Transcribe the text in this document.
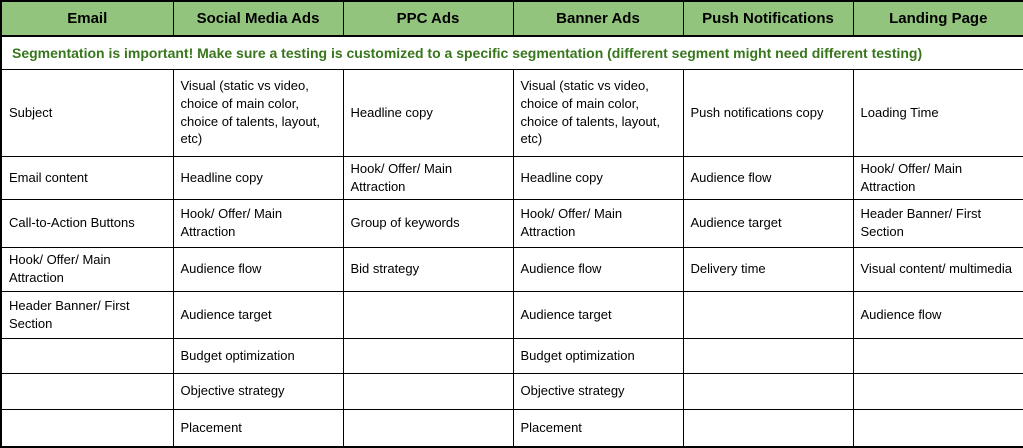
Email	Social Media Ads	PPC Ads	Banner Ads	Push Notifications	Landing Page
Segmentation is important! Make sure a testing is customized to a specific segmentation (different segment might need different testing)					
Subject	Visual (static vs video, choice of main color, choice of talents, layout, etc)	Headline copy	Visual (static vs video, choice of main color, choice of talents, layout, etc)	Push notifications copy	Loading Time
Email content	Headline copy	Hook/ Offer/ Main Attraction	Headline copy	Audience flow	Hook/ Offer/ Main Attraction
Call-to-Action Buttons	Hook/ Offer/ Main Attraction	Group of keywords	Hook/ Offer/ Main Attraction	Audience target	Header Banner/ First Section
Hook/ Offer/ Main Attraction	Audience flow	Bid strategy	Audience flow	Delivery time	Visual content/ multimedia
Header Banner/ First Section	Audience target		Audience target		Audience flow
	Budget optimization		Budget optimization		
	Objective strategy		Objective strategy		
	Placement		Placement		
